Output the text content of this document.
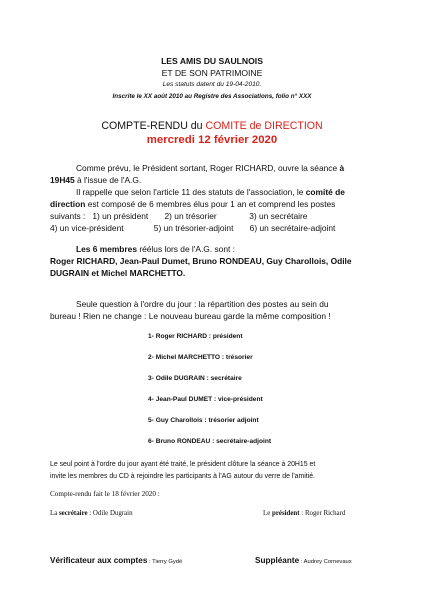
LES AMIS DU SAULNOIS
ET DE SON PATRIMOINE
Les statuts datent du 19-04-2010.
Inscrite le XX août 2010 au Registre des Associations, folio n° XXX
COMPTE-RENDU du COMITE de DIRECTION
mercredi 12 février 2020
Comme prévu, le Président sortant, Roger RICHARD, ouvre la séance à
19H45 à l'issue de l'A.G.
Il rappelle que selon l'article 11 des statuts de l'association, le comité de
direction est composé de 6 membres élus pour 1 an et comprend les postes
suivants :   1) un président       2) un trésorier              3) un secrétaire
4) un vice-président             5) un trésorier-adjoint       6) un secrétaire-adjoint
Les 6 membres réélus lors de l'A.G. sont :
Roger RICHARD, Jean-Paul Dumet, Bruno RONDEAU, Guy Charollois, Odile
DUGRAIN et Michel MARCHETTO.
Seule question à l'ordre du jour : la répartition des postes au sein du
bureau ! Rien ne change : Le nouveau bureau garde la même composition !
1- Roger RICHARD : président
2- Michel MARCHETTO : trésorier
3- Odile DUGRAIN : secrétaire
4- Jean-Paul DUMET : vice-président
5- Guy Charollois : trésorier adjoint
6- Bruno RONDEAU : secrétaire-adjoint
Le seul point à l'ordre du jour ayant été traité, le président clôture la séance à 20H15 et
invite les membres du CD à rejoindre les participants à l'AG autour du verre de l'amitié.
Compte-rendu fait le 18 février 2020 :
La secrétaire : Odile Dugrain	Le président : Roger Richard
Vérificateur aux comptes : Tierry Gydé	Suppléante : Audrey Cornevaux
